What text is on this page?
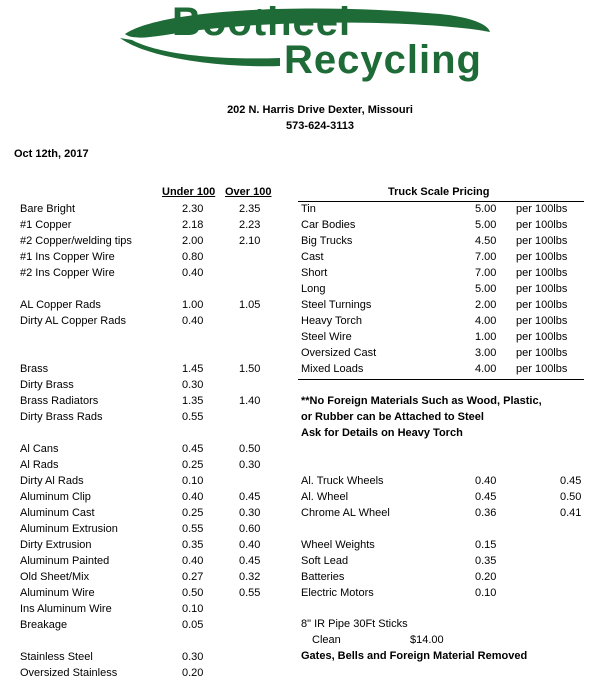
Bootheel
Recycling
202 N. Harris Drive Dexter, Missouri
573-624-3113
Oct 12th, 2017
Under 100 Over 100
Bare Bright	2.30	2.35
#1 Copper	2.18	2.23
#2 Copper/welding tips	2.00	2.10
#1 Ins Copper Wire	0.80
#2 Ins Copper Wire	0.40
AL Copper Rads	1.00	1.05
Dirty AL Copper Rads	0.40
Brass	1.45	1.50
Dirty Brass	0.30
Brass Radiators	1.35	1.40
Dirty Brass Rads	0.55
Al Cans	0.45	0.50
Al Rads	0.25	0.30
Dirty Al Rads	0.10
Aluminum Clip	0.40	0.45
Aluminum Cast	0.25	0.30
Aluminum Extrusion	0.55	0.60
Dirty Extrusion	0.35	0.40
Aluminum Painted	0.40	0.45
Old Sheet/Mix	0.27	0.32
Aluminum Wire	0.50	0.55
Ins Aluminum Wire	0.10
Breakage	0.05
Stainless Steel	0.30
Oversized Stainless	0.20
Truck Scale Pricing
Tin	5.00 per 100lbs
Car Bodies	5.00 per 100lbs
Big Trucks	4.50 per 100lbs
Cast	7.00 per 100lbs
Short	7.00 per 100lbs
Long	5.00 per 100lbs
Steel Turnings	2.00 per 100lbs
Heavy Torch	4.00 per 100lbs
Steel Wire	1.00 per 100lbs
Oversized Cast	3.00 per 100lbs
Mixed Loads	4.00 per 100lbs
**No Foreign Materials Such as Wood, Plastic,
or Rubber can be Attached to Steel
Ask for Details on Heavy Torch
Al. Truck Wheels	0.40	0.45
Al. Wheel	0.45	0.50
Chrome AL Wheel	0.36	0.41
Wheel Weights	0.15
Soft Lead	0.35
Batteries	0.20
Electric Motors	0.10
8" IR Pipe 30Ft Sticks
Clean	$14.00
Gates, Bells and Foreign Material Removed
